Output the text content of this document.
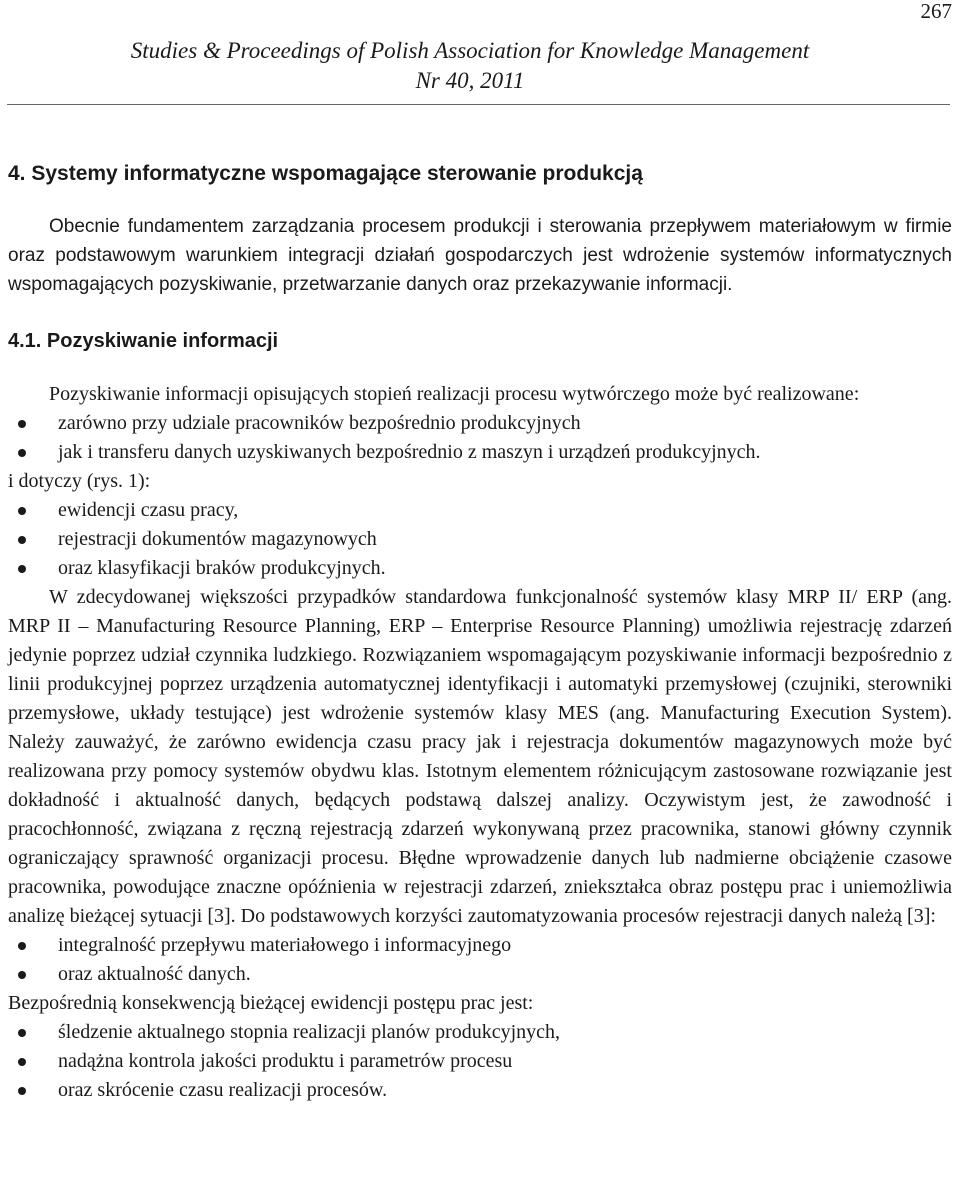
267
Studies & Proceedings of Polish Association for Knowledge Management
Nr 40, 2011
4. Systemy informatyczne wspomagające sterowanie produkcją

Obecnie fundamentem zarządzania procesem produkcji i sterowania przepływem materiałowym w firmie oraz podstawowym warunkiem integracji działań gospodarczych jest wdrożenie systemów informatycznych wspomagających pozyskiwanie, przetwarzanie danych oraz przekazywanie informacji.

4.1. Pozyskiwanie informacji

Pozyskiwanie informacji opisujących stopień realizacji procesu wytwórczego może być realizowane:

zarówno przy udziale pracowników bezpośrednio produkcyjnych
jak i transferu danych uzyskiwanych bezpośrednio z maszyn i urządzeń produkcyjnych.

i dotyczy (rys. 1):

ewidencji czasu pracy,
rejestracji dokumentów magazynowych
oraz klasyfikacji braków produkcyjnych.

W zdecydowanej większości przypadków standardowa funkcjonalność systemów klasy MRP II/ ERP (ang. MRP II – Manufacturing Resource Planning, ERP – Enterprise Resource Planning) umożliwia rejestrację zdarzeń jedynie poprzez udział czynnika ludzkiego. Rozwiązaniem wspomagającym pozyskiwanie informacji bezpośrednio z linii produkcyjnej poprzez urządzenia automatycznej identyfikacji i automatyki przemysłowej (czujniki, sterowniki przemysłowe, układy testujące) jest wdrożenie systemów klasy MES (ang. Manufacturing Execution System). Należy zauważyć, że zarówno ewidencja czasu pracy jak i rejestracja dokumentów magazynowych może być realizowana przy pomocy systemów obydwu klas. Istotnym elementem różnicującym zastosowane rozwiązanie jest dokładność i aktualność danych, będących podstawą dalszej analizy. Oczywistym jest, że zawodność i pracochłonność, związana z ręczną rejestracją zdarzeń wykonywaną przez pracownika, stanowi główny czynnik ograniczający sprawność organizacji procesu. Błędne wprowadzenie danych lub nadmierne obciążenie czasowe pracownika, powodujące znaczne opóźnienia w rejestracji zdarzeń, zniekształca obraz postępu prac i uniemożliwia analizę bieżącej sytuacji [3]. Do podstawowych korzyści zautomatyzowania procesów rejestracji danych należą [3]:

integralność przepływu materiałowego i informacyjnego
oraz aktualność danych.

Bezpośrednią konsekwencją bieżącej ewidencji postępu prac jest:

śledzenie aktualnego stopnia realizacji planów produkcyjnych,
nadążna kontrola jakości produktu i parametrów procesu
oraz skrócenie czasu realizacji procesów.
